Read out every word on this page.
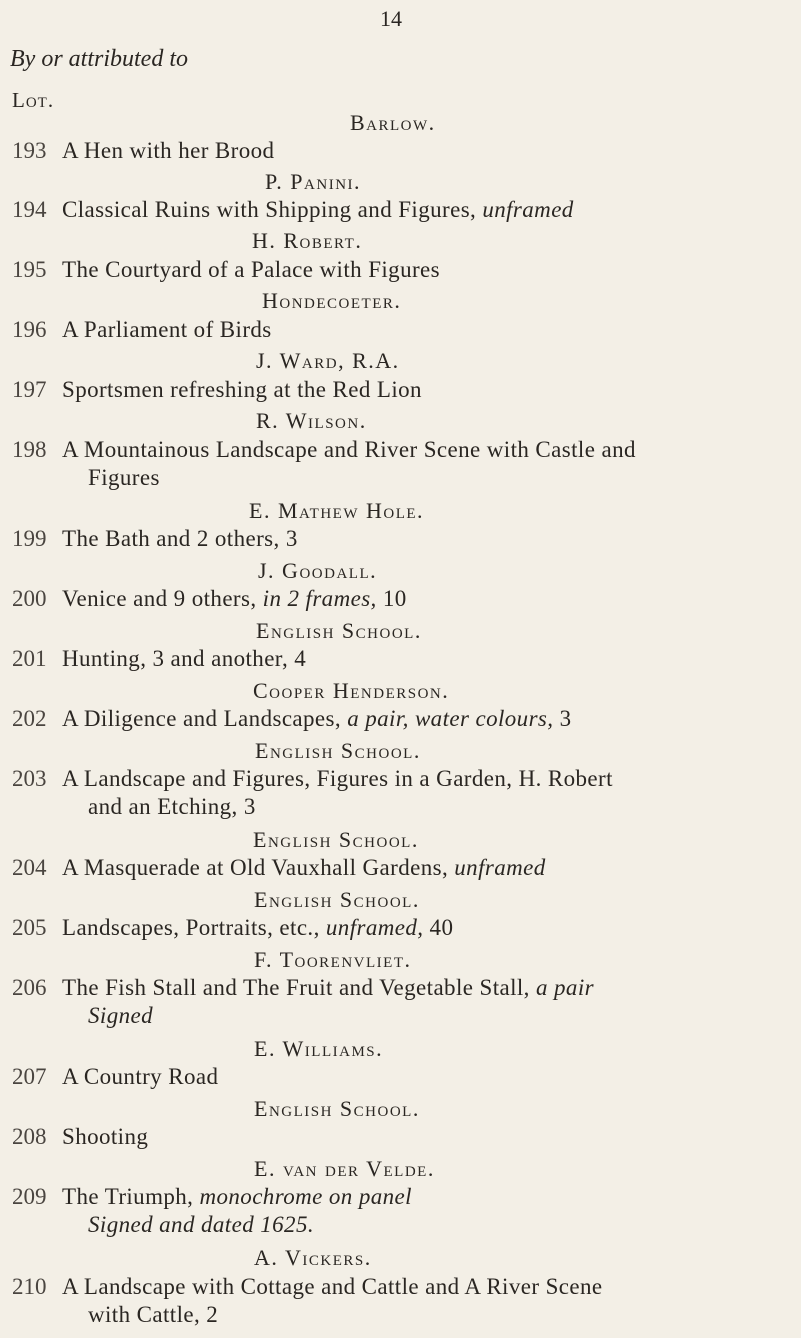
14
By or attributed to
Lot.
Barlow.
P. Panini.
H. Robert.
Hondecoeter.
J. Ward, R.A.
R. Wilson.
E. Mathew Hole.
J. Goodall.
English School.
Cooper Henderson.
English School.
English School.
English School.
F. Toorenvliet.
E. Williams.
English School.
E. van der Velde.
A. Vickers.
193 A Hen with her Brood
194 Classical Ruins with Shipping and Figures, unframed
195 The Courtyard of a Palace with Figures
196 A Parliament of Birds
197 Sportsmen refreshing at the Red Lion
198 A Mountainous Landscape and River Scene with Castle and
Figures
199 The Bath and 2 others, 3
200 Venice and 9 others, in 2 frames, 10
201 Hunting, 3 and another, 4
202 A Diligence and Landscapes, a pair, water colours, 3
203 A Landscape and Figures, Figures in a Garden, H. Robert
and an Etching, 3
204 A Masquerade at Old Vauxhall Gardens, unframed
205 Landscapes, Portraits, etc., unframed, 40
206 The Fish Stall and The Fruit and Vegetable Stall, a pair
Signed
207 A Country Road
208 Shooting
209 The Triumph, monochrome on panel
Signed and dated 1625.
210 A Landscape with Cottage and Cattle and A River Scene
with Cattle, 2
